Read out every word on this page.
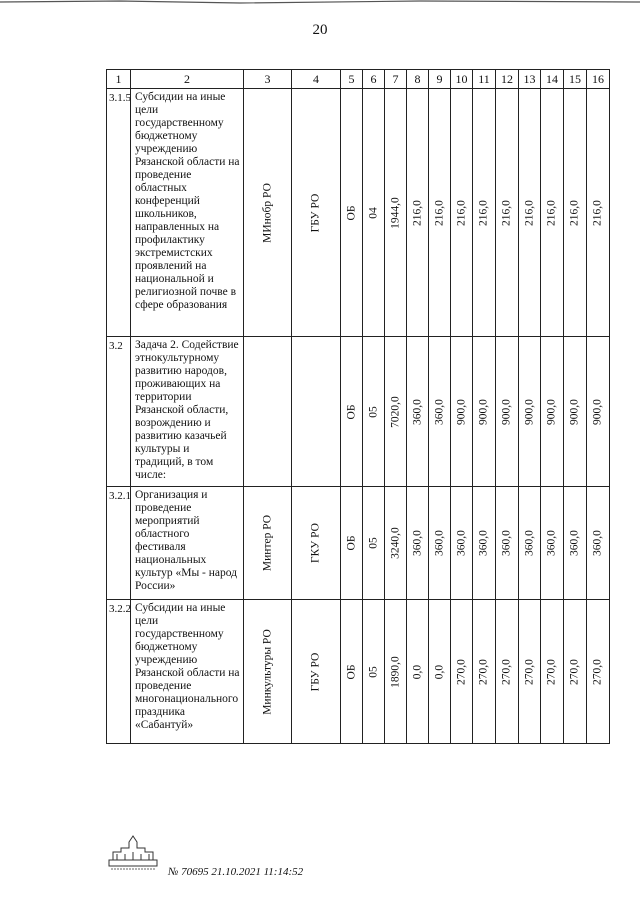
20
1	2	3	4	5	6	7	8	9	10	11	12	13	14	15	16
3.1.5	Субсидии на иные цели государственному бюджетному учреждению Рязанской области на проведение областных конференций школьников, направленных на профилактику экстремистских проявлений на национальной и религиозной почве в сфере образования	МИнобр РО	ГБУ РО	ОБ	04	1944,0	216,0	216,0	216,0	216,0	216,0	216,0	216,0	216,0	216,0

3.2	Задача 2. Содействие этнокультурному развитию народов, проживающих на территории Рязанской области, возрождению и развитию казачьей культуры и традиций, в том числе:			ОБ	05	7020,0	360,0	360,0	900,0	900,0	900,0	900,0	900,0	900,0	900,0

3.2.1	Организация и проведение мероприятий областного фестиваля национальных культур «Мы - народ России»	Минтер РО	ГКУ РО	ОБ	05	3240,0	360,0	360,0	360,0	360,0	360,0	360,0	360,0	360,0	360,0

3.2.2	Субсидии на иные цели государственному бюджетному учреждению Рязанской области на проведение многонационального праздника «Сабантуй»	Минкультуры РО	ГБУ РО	ОБ	05	1890,0	0,0	0,0	270,0	270,0	270,0	270,0	270,0	270,0	270,0
№ 70695 21.10.2021 11:14:52
